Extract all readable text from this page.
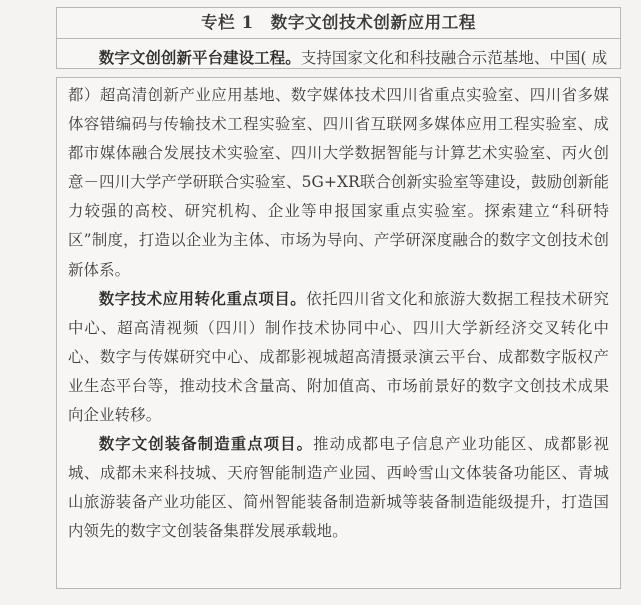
专栏 1　数字文创技术创新应用工程
数字文创创新平台建设工程。支持国家文化和科技融合示范基地、中国( 成

都）超高清创新产业应用基地、数字媒体技术四川省重点实验室、四川省多媒体容错编码与传输技术工程实验室、四川省互联网多媒体应用工程实验室、成都市媒体融合发展技术实验室、四川大学数据智能与计算艺术实验室、丙火创意－四川大学产学研联合实验室、5G+XR联合创新实验室等建设，鼓励创新能力较强的高校、研究机构、企业等申报国家重点实验室。探索建立“科研特区”制度，打造以企业为主体、市场为导向、产学研深度融合的数字文创技术创新体系。

数字技术应用转化重点项目。依托四川省文化和旅游大数据工程技术研究中心、超高清视频（四川）制作技术协同中心、四川大学新经济交叉转化中心、数字与传媒研究中心、成都影视城超高清摄录演云平台、成都数字版权产业生态平台等，推动技术含量高、附加值高、市场前景好的数字文创技术成果向企业转移。

数字文创装备制造重点项目。推动成都电子信息产业功能区、成都影视城、成都未来科技城、天府智能制造产业园、西岭雪山文体装备功能区、青城山旅游装备产业功能区、简州智能装备制造新城等装备制造能级提升，打造国内领先的数字文创装备集群发展承载地。
